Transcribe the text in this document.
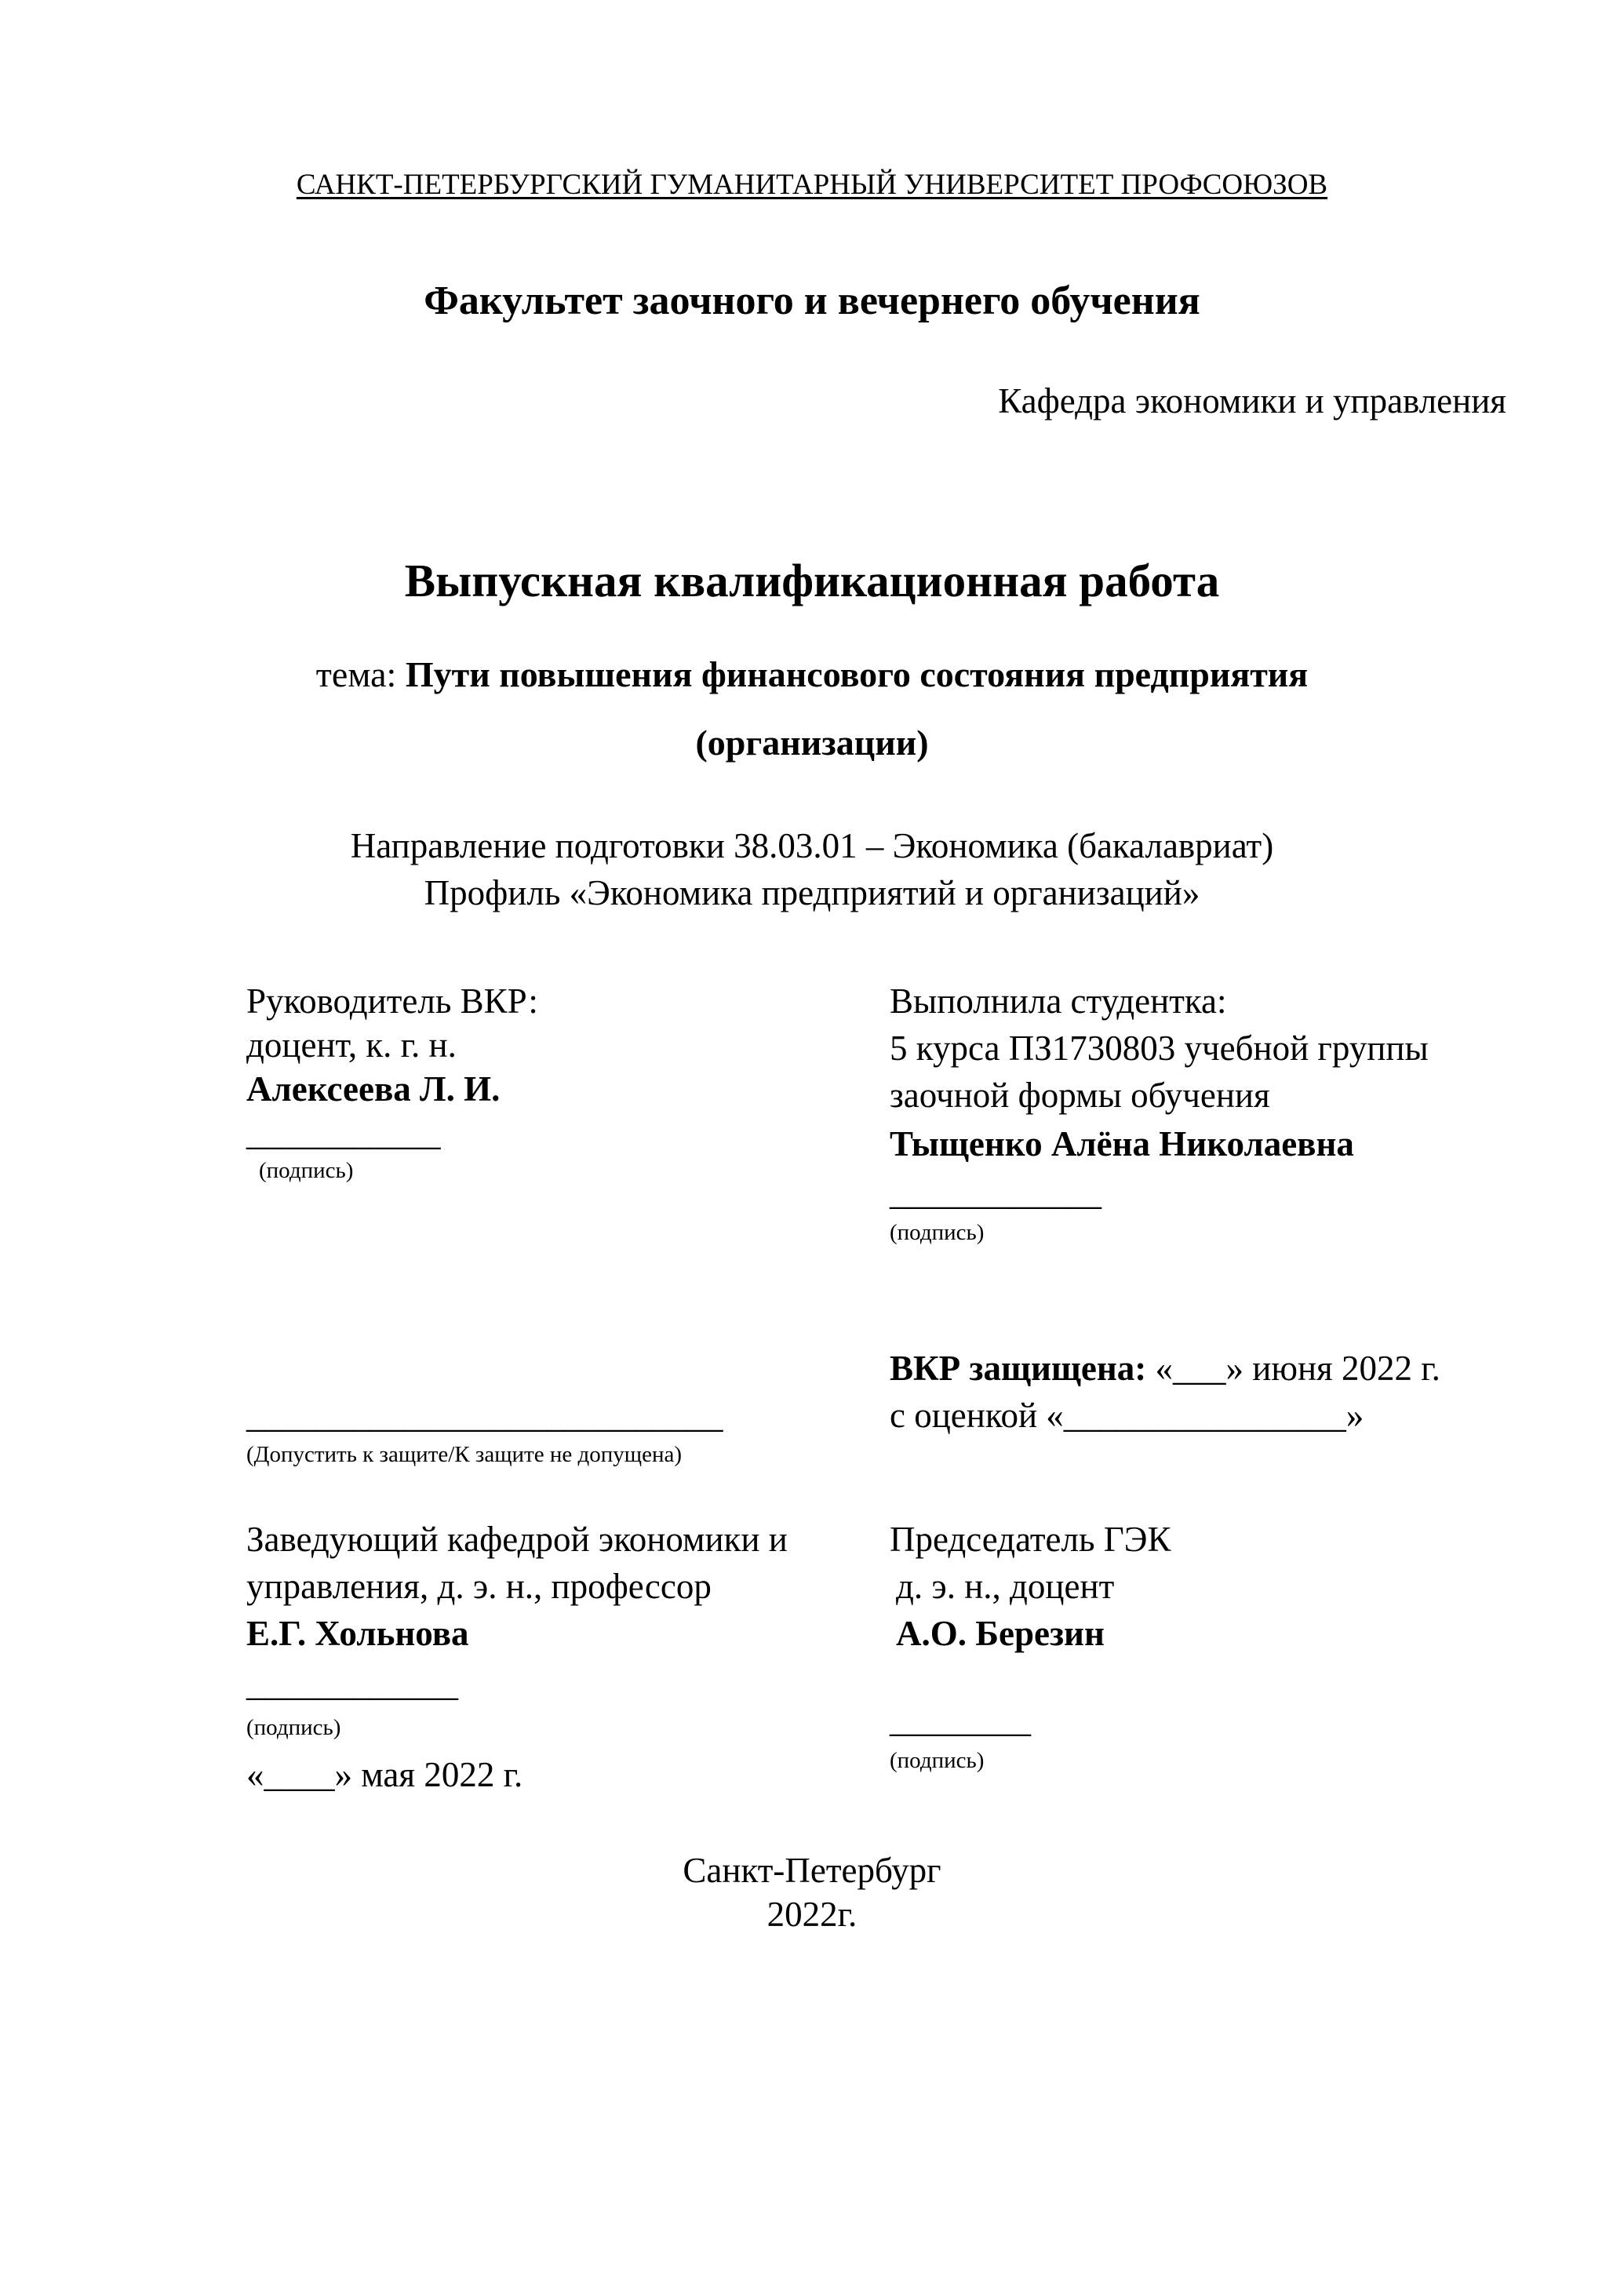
САНКТ-ПЕТЕРБУРГСКИЙ ГУМАНИТАРНЫЙ УНИВЕРСИТЕТ ПРОФСОЮЗОВ
Факультет заочного и вечернего обучения
Кафедра экономики и управления
Выпускная квалификационная работа
тема: Пути повышения финансового состояния предприятия
(организации)
Направление подготовки 38.03.01 – Экономика (бакалавриат)
Профиль «Экономика предприятий и организаций»
Руководитель ВКР:
доцент, к. г. н.
Алексеева Л. И.
___________
(подпись)
Выполнила студентка:
5 курса ПЗ1730803 учебной группы
заочной формы обучения
Тыщенко Алёна Николаевна
____________
(подпись)
___________________________
(Допустить к защите/К защите не допущена)
ВКР защищена: «___» июня 2022 г.
с оценкой «________________»
Заведующий кафедрой экономики и
управления, д. э. н., профессор
Е.Г. Хольнова
____________
(подпись)
«____» мая 2022 г.
Председатель ГЭК
д. э. н., доцент
А.О. Березин
________
(подпись)
Санкт-Петербург
2022г.
